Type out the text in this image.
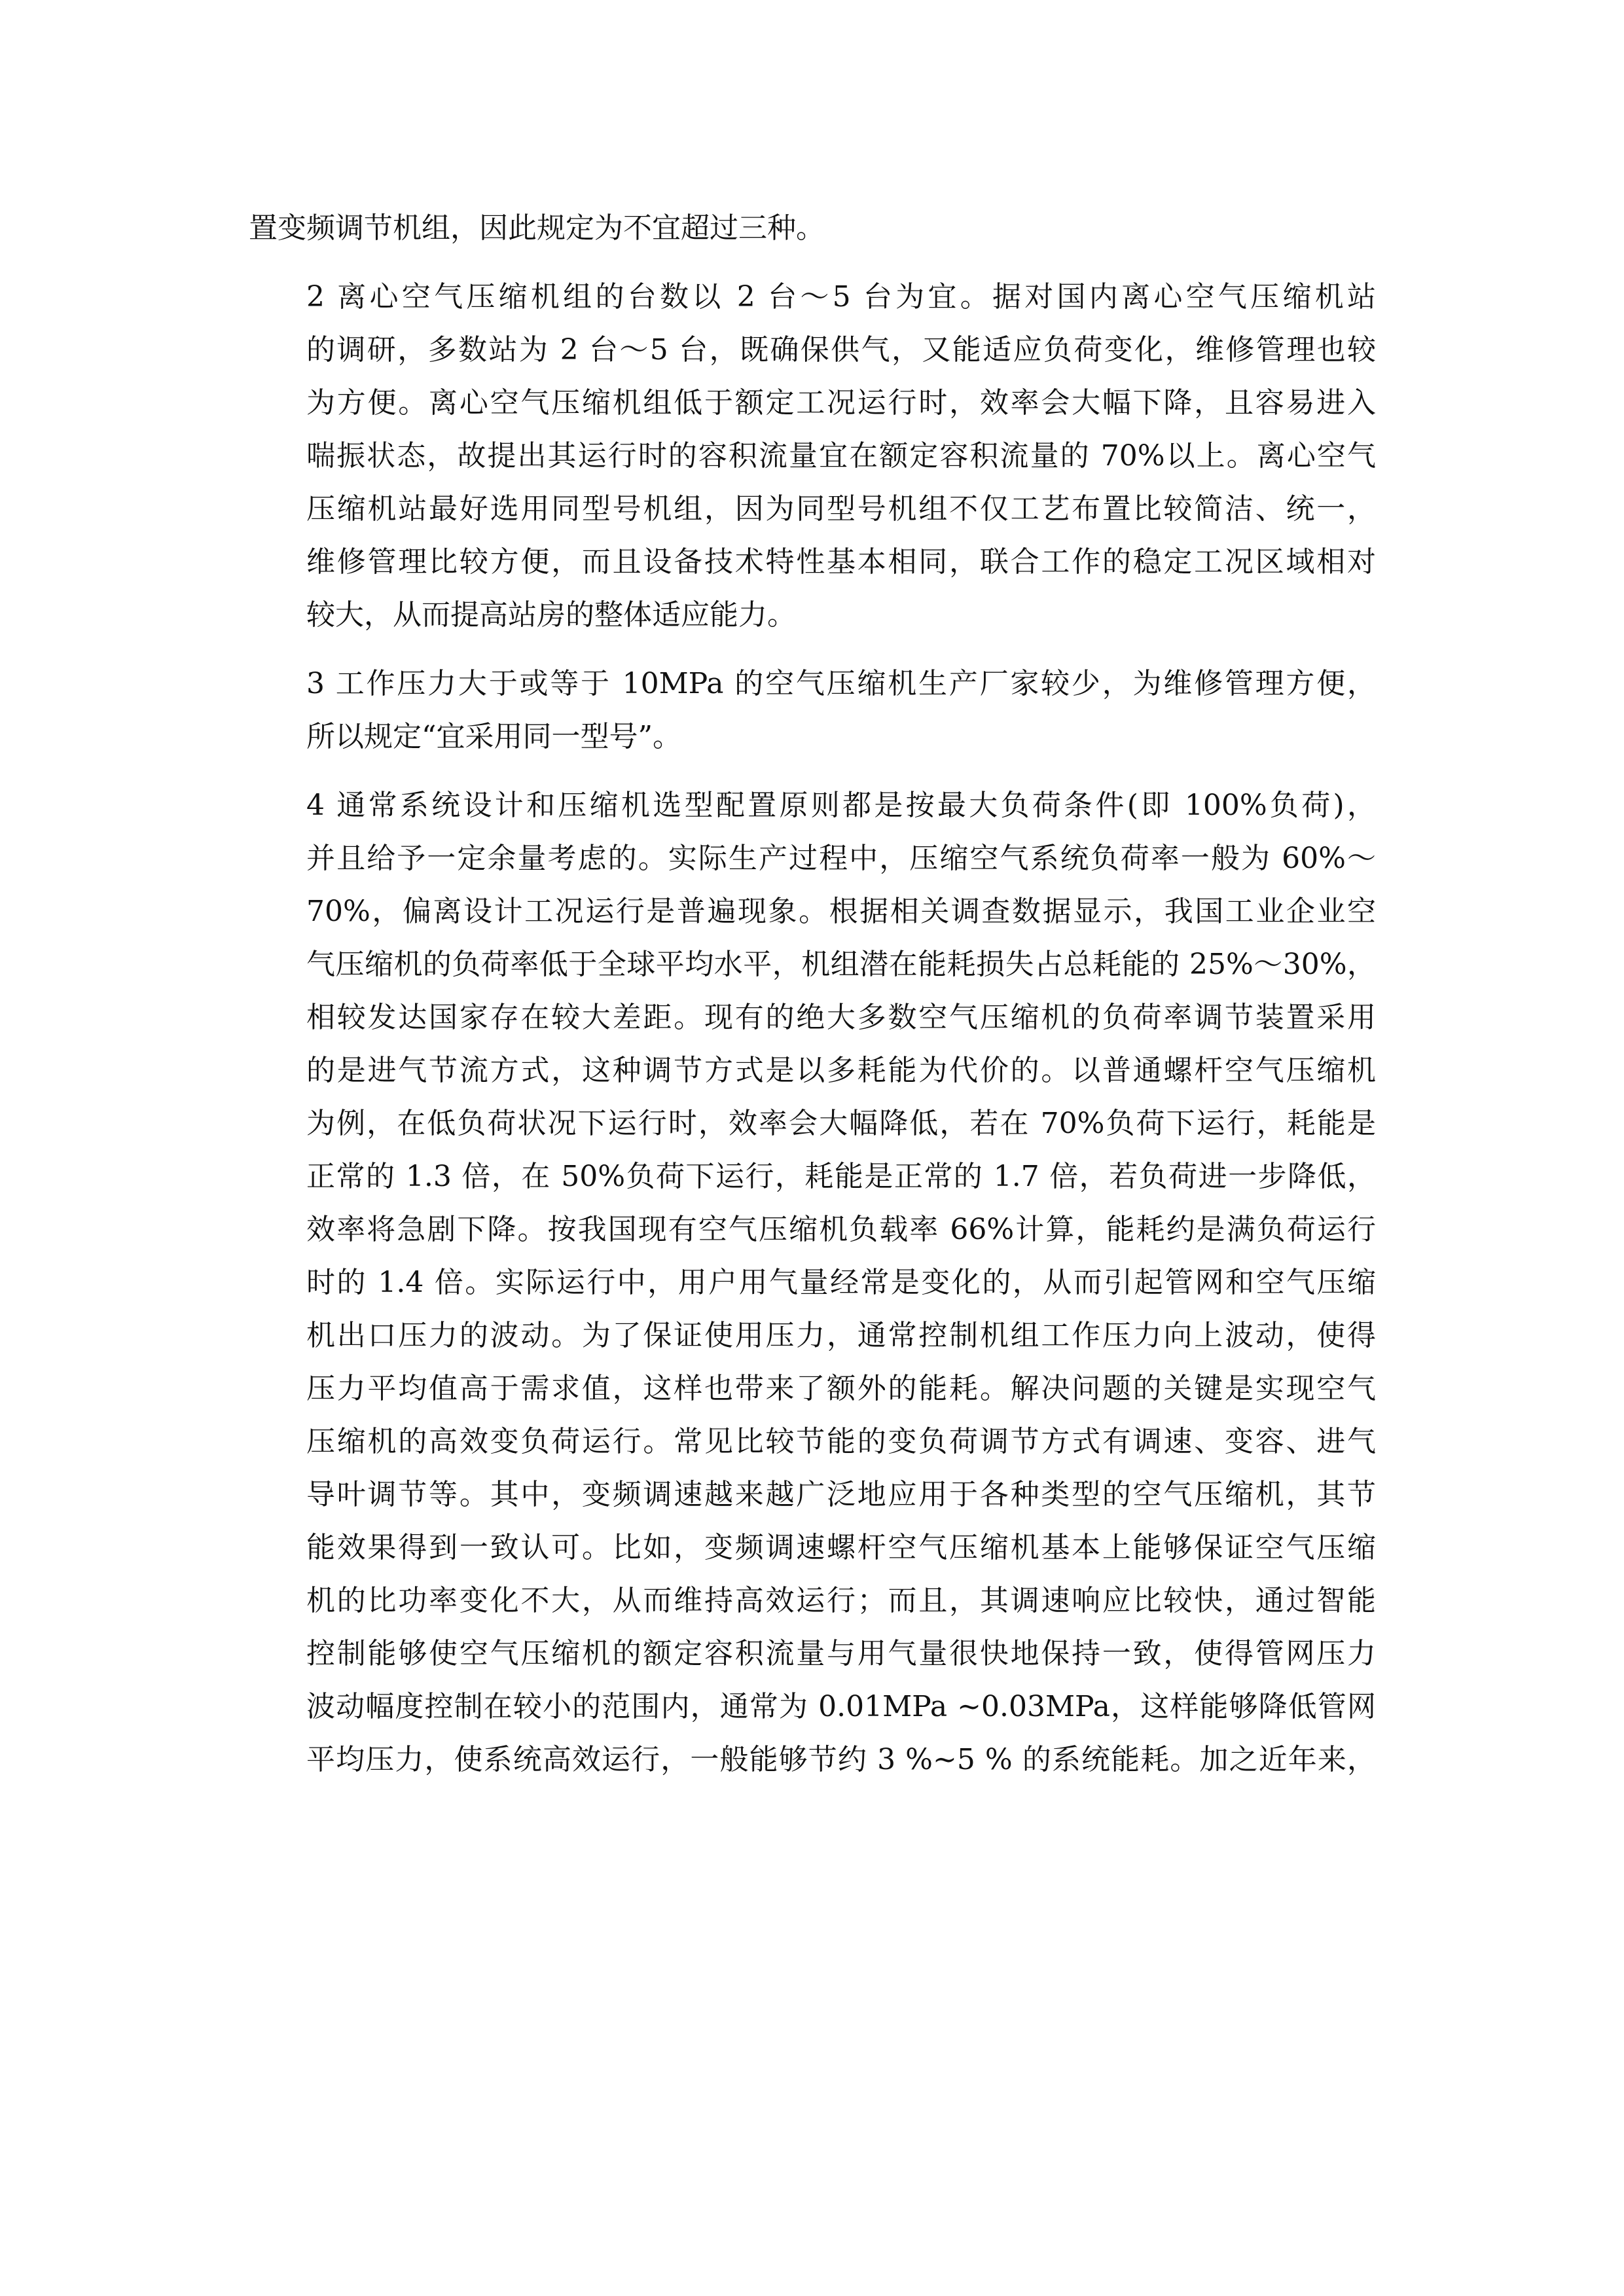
置变频调节机组，因此规定为不宜超过三种。

2 离心空气压缩机组的台数以 2 台～5 台为宜。据对国内离心空气压缩机站
的调研，多数站为 2 台～5 台，既确保供气，又能适应负荷变化，维修管理也较
为方便。离心空气压缩机组低于额定工况运行时，效率会大幅下降，且容易进入
喘振状态，故提出其运行时的容积流量宜在额定容积流量的 70%以上。离心空气
压缩机站最好选用同型号机组，因为同型号机组不仅工艺布置比较简洁、统一，
维修管理比较方便，而且设备技术特性基本相同，联合工作的稳定工况区域相对
较大，从而提高站房的整体适应能力。

3 工作压力大于或等于 10MPa 的空气压缩机生产厂家较少，为维修管理方便，
所以规定“宜采用同一型号”。

4 通常系统设计和压缩机选型配置原则都是按最大负荷条件(即 100%负荷)，
并且给予一定余量考虑的。实际生产过程中，压缩空气系统负荷率一般为 60%～
70%，偏离设计工况运行是普遍现象。根据相关调查数据显示，我国工业企业空
气压缩机的负荷率低于全球平均水平，机组潜在能耗损失占总耗能的 25%～30%，
相较发达国家存在较大差距。现有的绝大多数空气压缩机的负荷率调节装置采用
的是进气节流方式，这种调节方式是以多耗能为代价的。以普通螺杆空气压缩机
为例，在低负荷状况下运行时，效率会大幅降低，若在 70%负荷下运行，耗能是
正常的 1.3 倍，在 50%负荷下运行，耗能是正常的 1.7 倍，若负荷进一步降低，
效率将急剧下降。按我国现有空气压缩机负载率 66%计算，能耗约是满负荷运行
时的 1.4 倍。实际运行中，用户用气量经常是变化的，从而引起管网和空气压缩
机出口压力的波动。为了保证使用压力，通常控制机组工作压力向上波动，使得
压力平均值高于需求值，这样也带来了额外的能耗。解决问题的关键是实现空气
压缩机的高效变负荷运行。常见比较节能的变负荷调节方式有调速、变容、进气
导叶调节等。其中，变频调速越来越广泛地应用于各种类型的空气压缩机，其节
能效果得到一致认可。比如，变频调速螺杆空气压缩机基本上能够保证空气压缩
机的比功率变化不大，从而维持高效运行；而且，其调速响应比较快，通过智能
控制能够使空气压缩机的额定容积流量与用气量很快地保持一致，使得管网压力
波动幅度控制在较小的范围内，通常为 0.01MPa ~0.03MPa，这样能够降低管网
平均压力，使系统高效运行，一般能够节约 3 %~5 % 的系统能耗。加之近年来，
